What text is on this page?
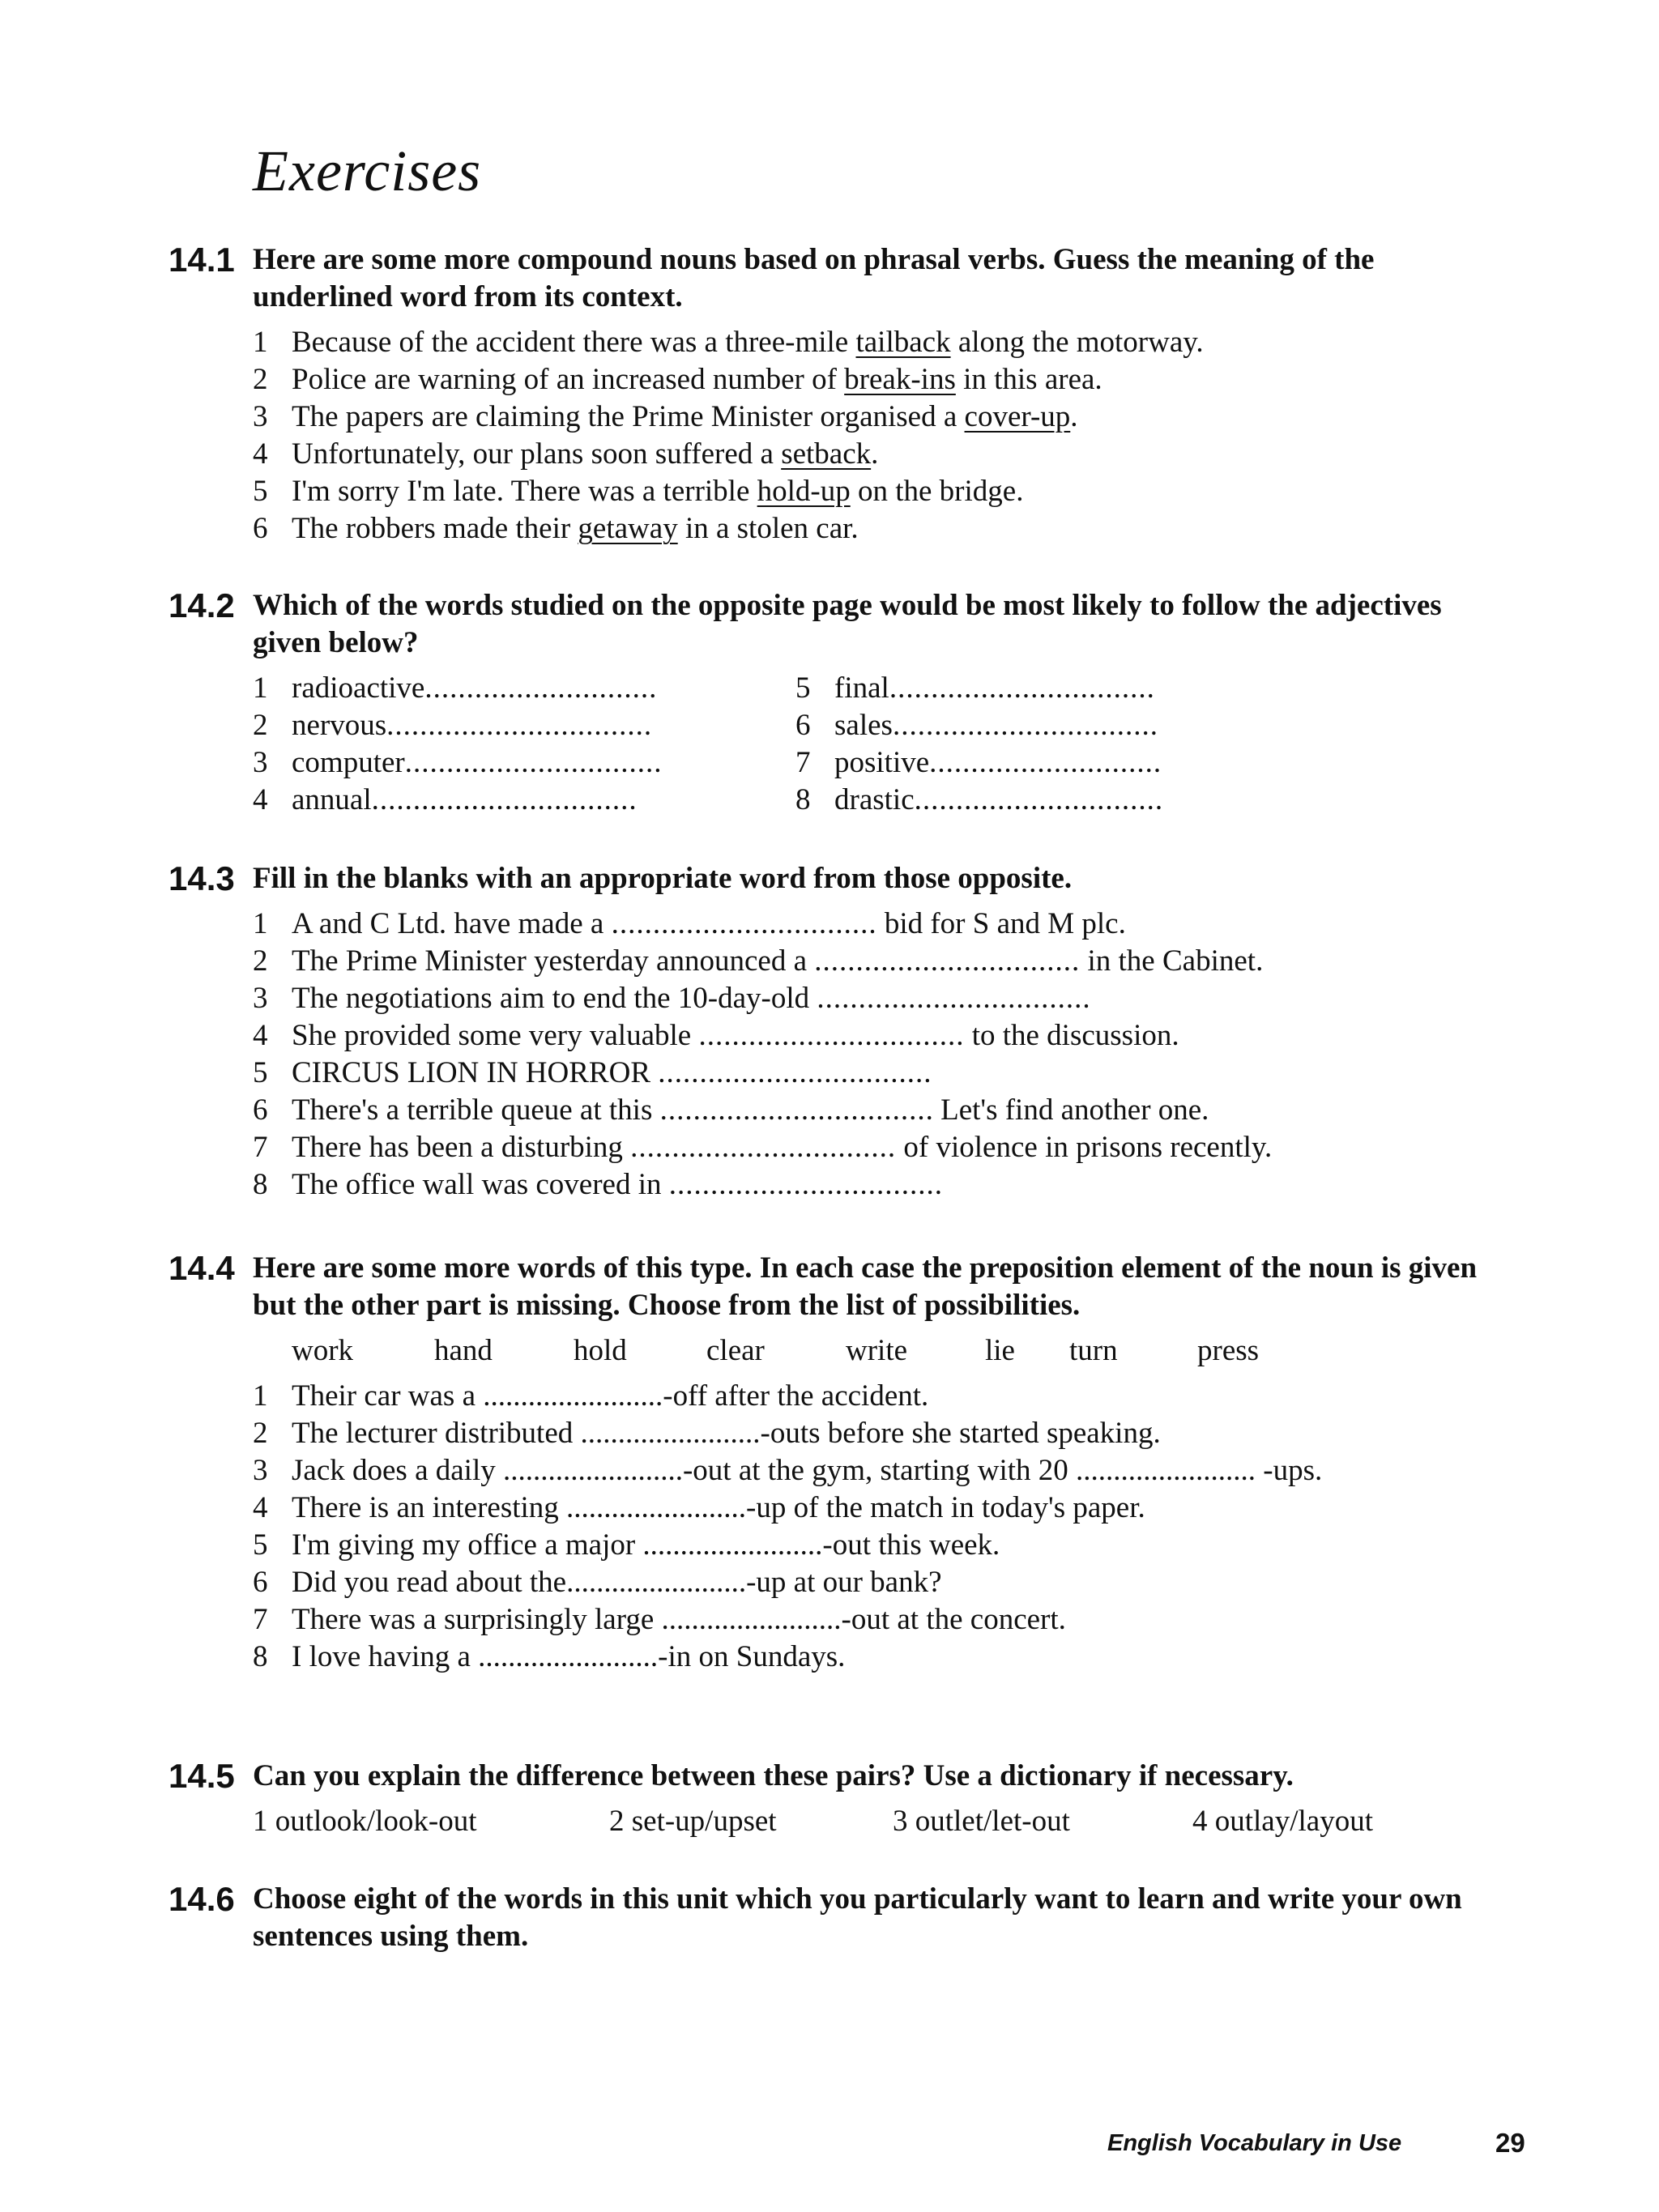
Exercises
14.1 Here are some more compound nouns based on phrasal verbs. Guess the meaning of the underlined word from its context.

1 Because of the accident there was a three-mile tailback along the motorway.
2 Police are warning of an increased number of break-ins in this area.
3 The papers are claiming the Prime Minister organised a cover-up.
4 Unfortunately, our plans soon suffered a setback.
5 I'm sorry I'm late. There was a terrible hold-up on the bridge.
6 The robbers made their getaway in a stolen car.
14.2 Which of the words studied on the opposite page would be most likely to follow the adjectives given below?

1 radioactive............................	5 final................................
2 nervous................................	6 sales................................
3 computer...............................	7 positive............................
4 annual................................	8 drastic..............................
14.3 Fill in the blanks with an appropriate word from those opposite.

1 A and C Ltd. have made a ................................ bid for S and M plc.
2 The Prime Minister yesterday announced a ................................ in the Cabinet.
3 The negotiations aim to end the 10-day-old .................................
4 She provided some very valuable ................................ to the discussion.
5 CIRCUS LION IN HORROR .................................
6 There's a terrible queue at this ................................. Let's find another one.
7 There has been a disturbing ................................ of violence in prisons recently.
8 The office wall was covered in .................................
14.4 Here are some more words of this type. In each case the preposition element of the noun is given but the other part is missing. Choose from the list of possibilities.

work	hand	hold	clear	write	lie	turn	press
1 Their car was a ........................-off after the accident.
2 The lecturer distributed ........................-outs before she started speaking.
3 Jack does a daily ........................-out at the gym, starting with 20 ........................ -ups.
4 There is an interesting ........................-up of the match in today's paper.
5 I'm giving my office a major ........................-out this week.
6 Did you read about the........................-up at our bank?
7 There was a surprisingly large ........................-out at the concert.
8 I love having a ........................-in on Sundays.
14.5 Can you explain the difference between these pairs? Use a dictionary if necessary.

1 outlook/look-out	2 set-up/upset	3 outlet/let-out	4 outlay/layout
14.6 Choose eight of the words in this unit which you particularly want to learn and write your own sentences using them.

English Vocabulary in Use	29
